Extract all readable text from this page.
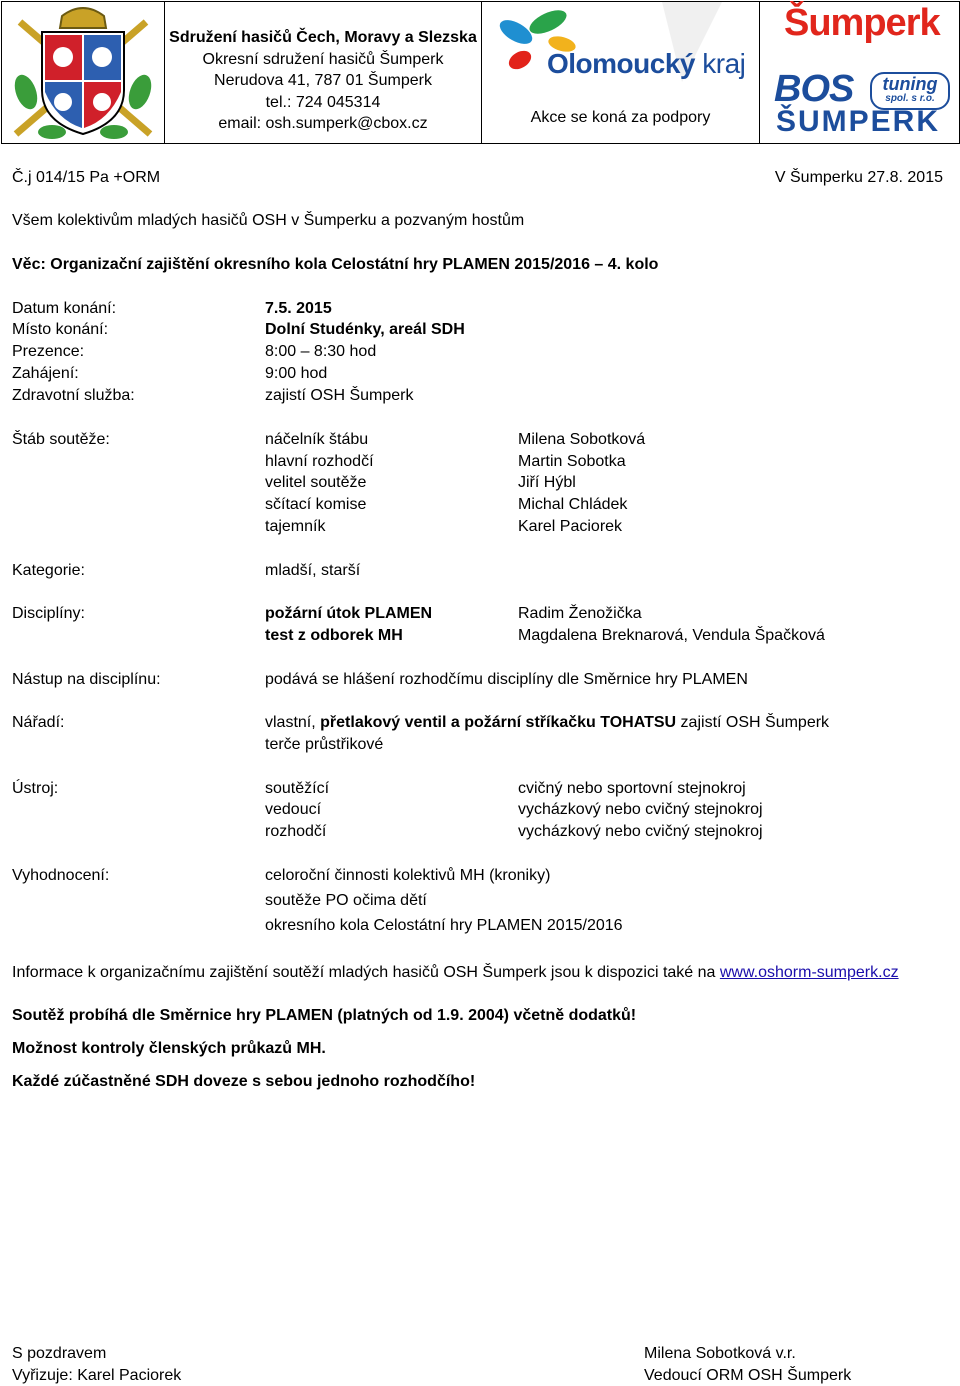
Sdružení hasičů Čech, Moravy a Slezska
Okresní sdružení hasičů Šumperk
Nerudova 41, 787 01 Šumperk
tel.: 724 045314
email: osh.sumperk@cbox.cz
Olomoucký kraj
Akce se koná za podpory
Šumperk
BOS	tuning
spol. s r.o.
ŠUMPERK
Č.j 014/15 Pa +ORM	V Šumperku 27.8. 2015
Všem kolektivům mladých hasičů OSH v Šumperku a pozvaným hostům
Věc: Organizační zajištění okresního kola Celostátní hry PLAMEN 2015/2016 – 4. kolo
Datum konání:	7.5. 2015
Místo konání:	Dolní Studénky, areál SDH
Prezence:	8:00 – 8:30 hod
Zahájení:	9:00 hod
Zdravotní služba:	zajistí OSH Šumperk
Štáb soutěže:	náčelník štábu	Milena Sobotková
hlavní rozhodčí	Martin Sobotka
velitel soutěže	Jiří Hýbl
sčítací komise	Michal Chládek
tajemník	Karel Paciorek
Kategorie:	mladší, starší
Disciplíny:	požární útok PLAMEN	Radim Ženožička
test z odborek MH	Magdalena Breknarová, Vendula Špačková
Nástup na disciplínu:	podává se hlášení rozhodčímu disciplíny dle Směrnice hry PLAMEN
Nářadí:	vlastní, přetlakový ventil a požární stříkačku TOHATSU zajistí OSH Šumperk
terče průstřikové
Ústroj:	soutěžící	cvičný nebo sportovní stejnokroj
vedoucí	vycházkový nebo cvičný stejnokroj
rozhodčí	vycházkový nebo cvičný stejnokroj
Vyhodnocení:	celoroční činnosti kolektivů MH (kroniky)
soutěže PO očima dětí
okresního kola Celostátní hry PLAMEN 2015/2016
Informace k organizačnímu zajištění soutěží mladých hasičů OSH Šumperk jsou k dispozici také na www.oshorm-sumperk.cz
Soutěž probíhá dle Směrnice hry PLAMEN (platných od 1.9. 2004) včetně dodatků!
Možnost kontroly členských průkazů MH.
Každé zúčastněné SDH doveze s sebou jednoho rozhodčího!
S pozdravem
Vyřizuje: Karel Paciorek
Milena Sobotková v.r.
Vedoucí ORM OSH Šumperk
